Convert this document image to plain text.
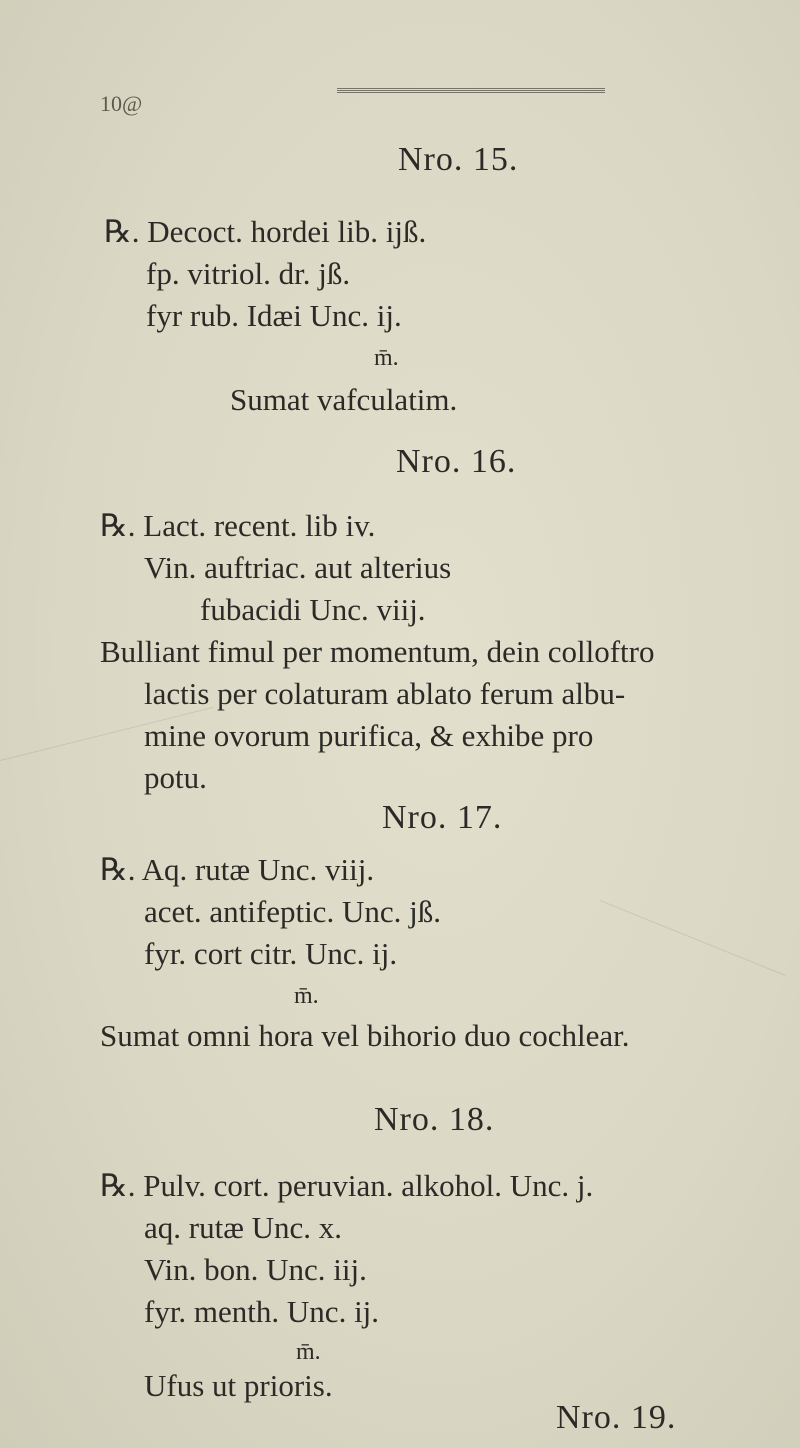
10@
Nro. 15.
℞. Decoct. hordei lib. ijß.
fp. vitriol. dr. jß.
fyr rub. Idæi Unc. ij.
m̄.
Sumat vafculatim.
Nro. 16.
℞. Lact. recent. lib iv.
Vin. auftriac. aut alterius
fubacidi Unc. viij.
Bulliant fimul per momentum, dein colloftro
lactis per colaturam ablato ferum albu-
mine ovorum purifica, & exhibe pro
potu.
Nro. 17.
℞. Aq. rutæ Unc. viij.
acet. antifeptic. Unc. jß.
fyr. cort citr. Unc. ij.
m̄.
Sumat omni hora vel bihorio duo cochlear.
Nro. 18.
℞. Pulv. cort. peruvian. alkohol. Unc. j.
aq. rutæ Unc. x.
Vin. bon. Unc. iij.
fyr. menth. Unc. ij.
m̄.
Ufus ut prioris.
Nro. 19.
